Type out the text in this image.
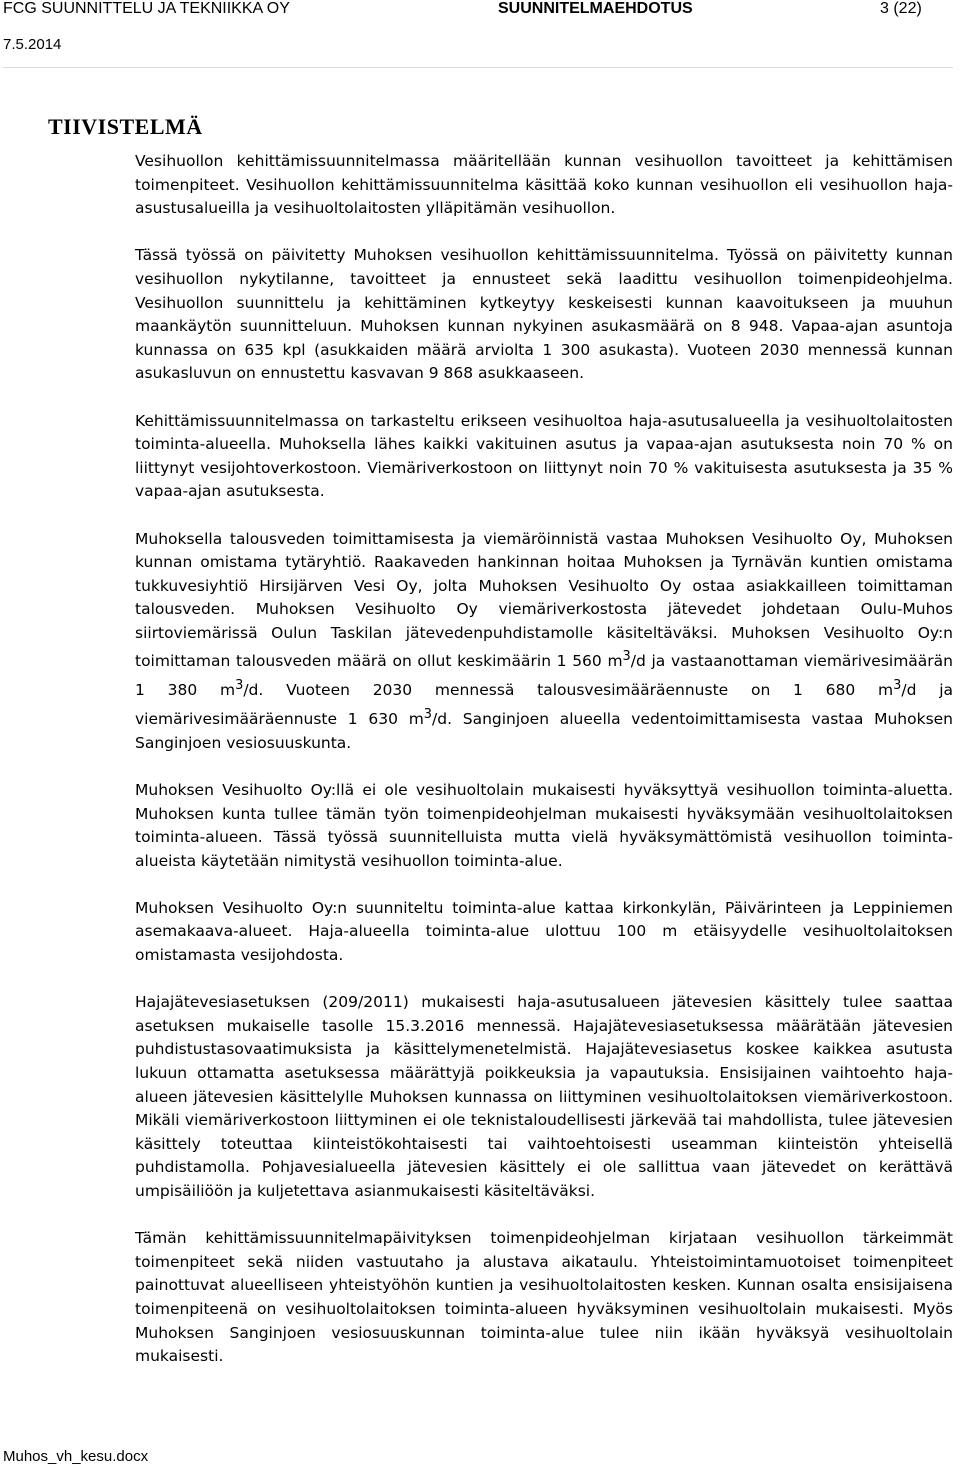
FCG SUUNNITTELU JA TEKNIIKKA OY	SUUNNITELMAEHDOTUS	3 (22)
7.5.2014
TIIVISTELMÄ

Vesihuollon kehittämissuunnitelmassa määritellään kunnan vesihuollon tavoitteet ja kehittämisen toimenpiteet. Vesihuollon kehittämissuunnitelma käsittää koko kunnan vesihuollon eli vesihuollon haja-asustusalueilla ja vesihuoltolaitosten ylläpitämän vesihuollon.

Tässä työssä on päivitetty Muhoksen vesihuollon kehittämissuunnitelma. Työssä on päivitetty kunnan vesihuollon nykytilanne, tavoitteet ja ennusteet sekä laadittu vesihuollon toimenpideohjelma. Vesihuollon suunnittelu ja kehittäminen kytkeytyy keskeisesti kunnan kaavoitukseen ja muuhun maankäytön suunnitteluun. Muhoksen kunnan nykyinen asukasmäärä on 8 948. Vapaa-ajan asuntoja kunnassa on 635 kpl (asukkaiden määrä arviolta 1 300 asukasta). Vuoteen 2030 mennessä kunnan asukasluvun on ennustettu kasvavan 9 868 asukkaaseen.

Kehittämissuunnitelmassa on tarkasteltu erikseen vesihuoltoa haja-asutusalueella ja vesihuoltolaitosten toiminta-alueella. Muhoksella lähes kaikki vakituinen asutus ja vapaa-ajan asutuksesta noin 70 % on liittynyt vesijohtoverkostoon. Viemäriverkostoon on liittynyt noin 70 % vakituisesta asutuksesta ja 35 % vapaa-ajan asutuksesta.

Muhoksella talousveden toimittamisesta ja viemäröinnistä vastaa Muhoksen Vesihuolto Oy, Muhoksen kunnan omistama tytäryhtiö. Raakaveden hankinnan hoitaa Muhoksen ja Tyrnävän kuntien omistama tukkuvesiyhtiö Hirsijärven Vesi Oy, jolta Muhoksen Vesihuolto Oy ostaa asiakkailleen toimittaman talousveden. Muhoksen Vesihuolto Oy viemäriverkostosta jätevedet johdetaan Oulu-Muhos siirtoviemärissä Oulun Taskilan jätevedenpuhdistamolle käsiteltäväksi. Muhoksen Vesihuolto Oy:n toimittaman talousveden määrä on ollut keskimäärin 1 560 $m^3/d$ ja vastaanottaman viemärivesimäärän 1 380 $m^3/d$. Vuoteen 2030 mennessä talousvesimääräennuste on 1 680 $m^3/d$ ja viemärivesimääräennuste 1 630 $m^3/d$. Sanginjoen alueella vedentoimittamisesta vastaa Muhoksen Sanginjoen vesiosuuskunta.

Muhoksen Vesihuolto Oy:llä ei ole vesihuoltolain mukaisesti hyväksyttyä vesihuollon toiminta-aluetta. Muhoksen kunta tullee tämän työn toimenpideohjelman mukaisesti hyväksymään vesihuoltolaitoksen toiminta-alueen. Tässä työssä suunnitelluista mutta vielä hyväksymättömistä vesihuollon toiminta-alueista käytetään nimitystä vesihuollon toiminta-alue.

Muhoksen Vesihuolto Oy:n suunniteltu toiminta-alue kattaa kirkonkylän, Päivärinteen ja Leppiniemen asemakaava-alueet. Haja-alueella toiminta-alue ulottuu 100 m etäisyydelle vesihuoltolaitoksen omistamasta vesijohdosta.

Hajajätevesiasetuksen (209/2011) mukaisesti haja-asutusalueen jätevesien käsittely tulee saattaa asetuksen mukaiselle tasolle 15.3.2016 mennessä. Hajajätevesiasetuksessa määrätään jätevesien puhdistustasovaatimuksista ja käsittelymenetelmistä. Hajajätevesiasetus koskee kaikkea asutusta lukuun ottamatta asetuksessa määrättyjä poikkeuksia ja vapautuksia. Ensisijainen vaihtoehto haja-alueen jätevesien käsittelylle Muhoksen kunnassa on liittyminen vesihuoltolaitoksen viemäriverkostoon. Mikäli viemäriverkostoon liittyminen ei ole teknistaloudellisesti järkevää tai mahdollista, tulee jätevesien käsittely toteuttaa kiinteistökohtaisesti tai vaihtoehtoisesti useamman kiinteistön yhteisellä puhdistamolla. Pohjavesialueella jätevesien käsittely ei ole sallittua vaan jätevedet on kerättävä umpisäiliöön ja kuljetettava asianmukaisesti käsiteltäväksi.

Tämän kehittämissuunnitelmapäivityksen toimenpideohjelman kirjataan vesihuollon tärkeimmät toimenpiteet sekä niiden vastuutaho ja alustava aikataulu. Yhteistoimintamuotoiset toimenpiteet painottuvat alueelliseen yhteistyöhön kuntien ja vesihuoltolaitosten kesken. Kunnan osalta ensisijaisena toimenpiteenä on vesihuoltolaitoksen toiminta-alueen hyväksyminen vesihuoltolain mukaisesti. Myös Muhoksen Sanginjoen vesiosuuskunnan toiminta-alue tulee niin ikään hyväksyä vesihuoltolain mukaisesti.

Muhos_vh_kesu.docx
